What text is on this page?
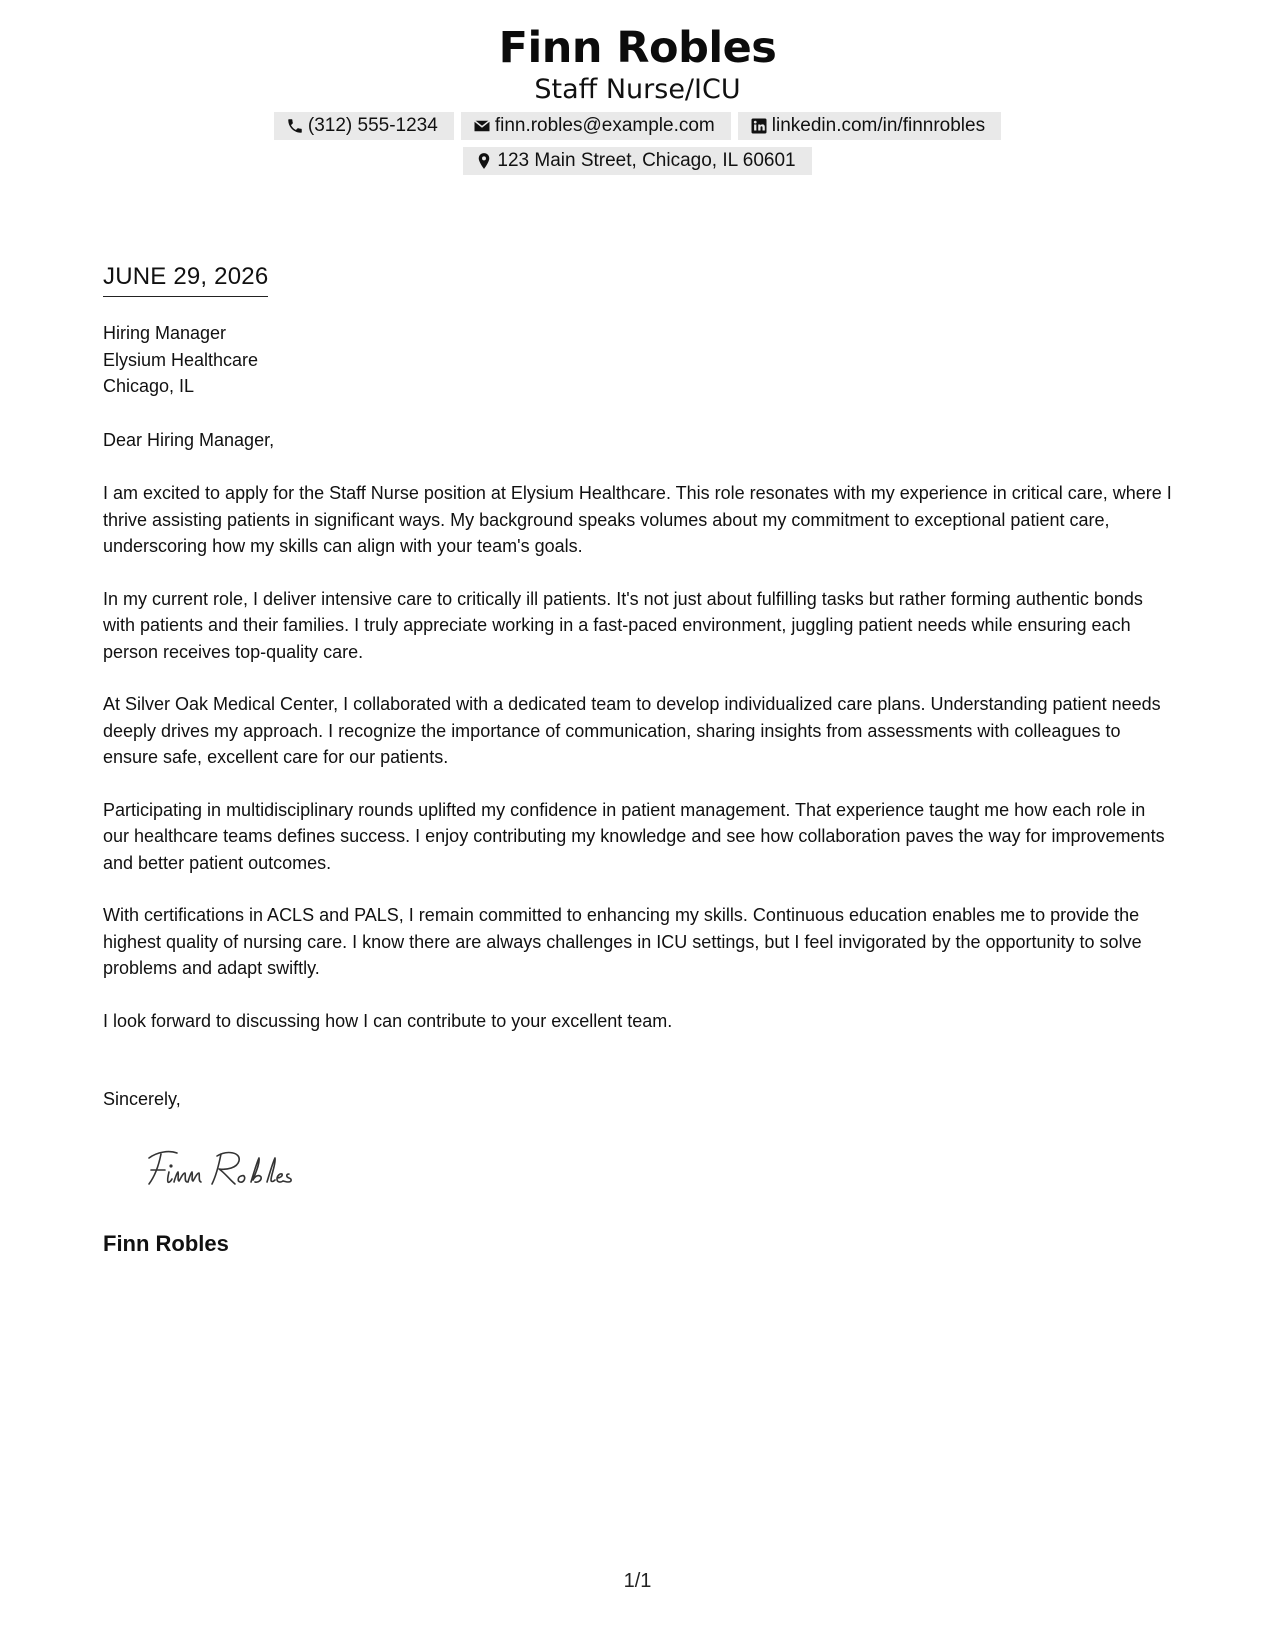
Finn Robles
Staff Nurse/ICU
(312) 555-1234	finn.robles@example.com	linkedin.com/in/finnrobles
123 Main Street, Chicago, IL 60601
JUNE 29, 2026
Hiring Manager
Elysium Healthcare
Chicago, IL
Dear Hiring Manager,

I am excited to apply for the Staff Nurse position at Elysium Healthcare. This role resonates with my experience in critical care, where I thrive assisting patients in significant ways. My background speaks volumes about my commitment to exceptional patient care, underscoring how my skills can align with your team's goals.

In my current role, I deliver intensive care to critically ill patients. It's not just about fulfilling tasks but rather forming authentic bonds with patients and their families. I truly appreciate working in a fast-paced environment, juggling patient needs while ensuring each person receives top-quality care.

At Silver Oak Medical Center, I collaborated with a dedicated team to develop individualized care plans. Understanding patient needs deeply drives my approach. I recognize the importance of communication, sharing insights from assessments with colleagues to ensure safe, excellent care for our patients.

Participating in multidisciplinary rounds uplifted my confidence in patient management. That experience taught me how each role in our healthcare teams defines success. I enjoy contributing my knowledge and see how collaboration paves the way for improvements and better patient outcomes.

With certifications in ACLS and PALS, I remain committed to enhancing my skills. Continuous education enables me to provide the highest quality of nursing care. I know there are always challenges in ICU settings, but I feel invigorated by the opportunity to solve problems and adapt swiftly.

I look forward to discussing how I can contribute to your excellent team.

Sincerely,
Finn Robles
1/1
